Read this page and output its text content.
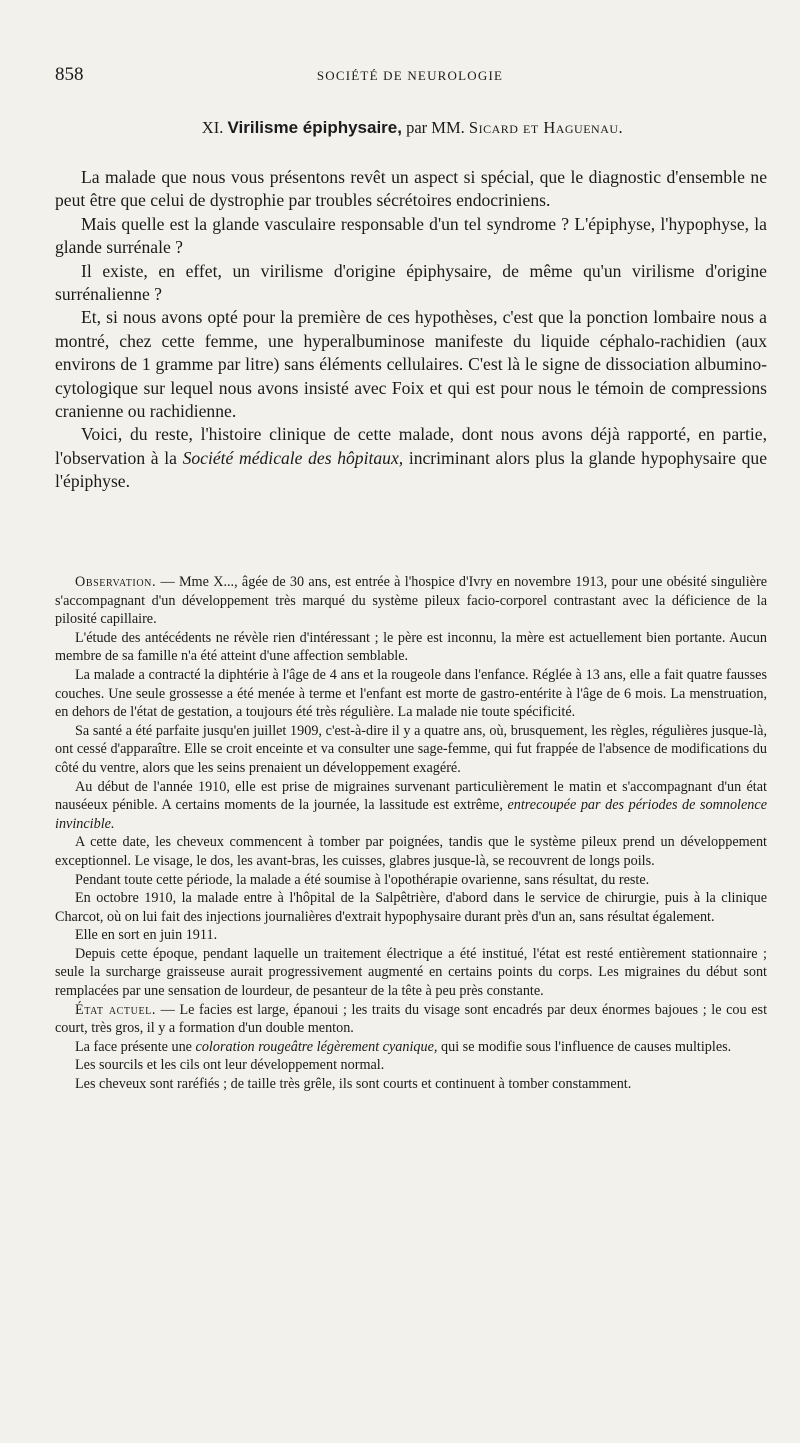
858	SOCIÉTÉ DE NEUROLOGIE
XI. Virilisme épiphysaire, par MM. Sicard et Haguenau.

La malade que nous vous présentons revêt un aspect si spécial, que le diagnostic d'ensemble ne peut être que celui de dystrophie par troubles sécrétoires endocriniens.

Mais quelle est la glande vasculaire responsable d'un tel syndrome ? L'épiphyse, l'hypophyse, la glande surrénale ?

Il existe, en effet, un virilisme d'origine épiphysaire, de même qu'un virilisme d'origine surrénalienne ?

Et, si nous avons opté pour la première de ces hypothèses, c'est que la ponction lombaire nous a montré, chez cette femme, une hyperalbuminose manifeste du liquide céphalo-rachidien (aux environs de 1 gramme par litre) sans éléments cellulaires. C'est là le signe de dissociation albumino-cytologique sur lequel nous avons insisté avec Foix et qui est pour nous le témoin de compressions cranienne ou rachidienne.

Voici, du reste, l'histoire clinique de cette malade, dont nous avons déjà rapporté, en partie, l'observation à la Société médicale des hôpitaux, incriminant alors plus la glande hypophysaire que l'épiphyse.

Observation. — Mme X..., âgée de 30 ans, est entrée à l'hospice d'Ivry en novembre 1913, pour une obésité singulière s'accompagnant d'un développement très marqué du système pileux facio-corporel contrastant avec la déficience de la pilosité capillaire.

L'étude des antécédents ne révèle rien d'intéressant ; le père est inconnu, la mère est actuellement bien portante. Aucun membre de sa famille n'a été atteint d'une affection semblable.

La malade a contracté la diphtérie à l'âge de 4 ans et la rougeole dans l'enfance. Réglée à 13 ans, elle a fait quatre fausses couches. Une seule grossesse a été menée à terme et l'enfant est morte de gastro-entérite à l'âge de 6 mois. La menstruation, en dehors de l'état de gestation, a toujours été très régulière. La malade nie toute spécificité.

Sa santé a été parfaite jusqu'en juillet 1909, c'est-à-dire il y a quatre ans, où, brusquement, les règles, régulières jusque-là, ont cessé d'apparaître. Elle se croit enceinte et va consulter une sage-femme, qui fut frappée de l'absence de modifications du côté du ventre, alors que les seins prenaient un développement exagéré.

Au début de l'année 1910, elle est prise de migraines survenant particulièrement le matin et s'accompagnant d'un état nauséeux pénible. A certains moments de la journée, la lassitude est extrême, entrecoupée par des périodes de somnolence invincible.

A cette date, les cheveux commencent à tomber par poignées, tandis que le système pileux prend un développement exceptionnel. Le visage, le dos, les avant-bras, les cuisses, glabres jusque-là, se recouvrent de longs poils.

Pendant toute cette période, la malade a été soumise à l'opothérapie ovarienne, sans résultat, du reste.

En octobre 1910, la malade entre à l'hôpital de la Salpêtrière, d'abord dans le service de chirurgie, puis à la clinique Charcot, où on lui fait des injections journalières d'extrait hypophysaire durant près d'un an, sans résultat également.

Elle en sort en juin 1911.

Depuis cette époque, pendant laquelle un traitement électrique a été institué, l'état est resté entièrement stationnaire ; seule la surcharge graisseuse aurait progressivement augmenté en certains points du corps. Les migraines du début sont remplacées par une sensation de lourdeur, de pesanteur de la tête à peu près constante.

État actuel. — Le facies est large, épanoui ; les traits du visage sont encadrés par deux énormes bajoues ; le cou est court, très gros, il y a formation d'un double menton.

La face présente une coloration rougeâtre légèrement cyanique, qui se modifie sous l'influence de causes multiples.

Les sourcils et les cils ont leur développement normal.

Les cheveux sont raréfiés ; de taille très grêle, ils sont courts et continuent à tomber constamment.
